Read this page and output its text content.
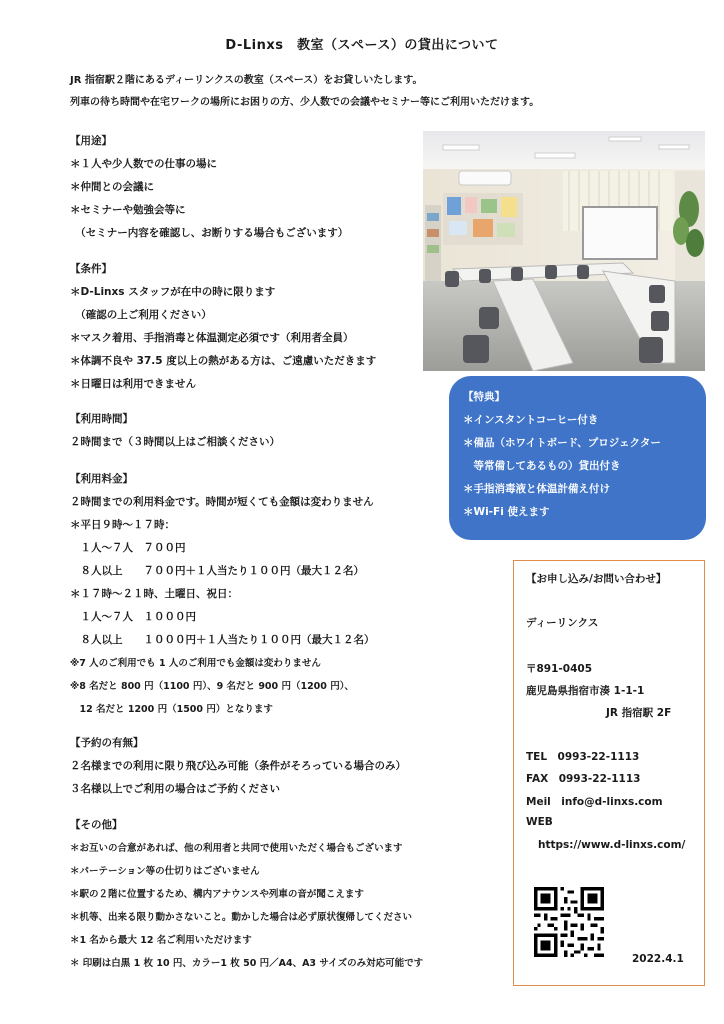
D-Linxs　教室（スペース）の貸出について
JR 指宿駅２階にあるディーリンクスの教室（スペース）をお貸しいたします。
列車の待ち時間や在宅ワークの場所にお困りの方、少人数での会議やセミナー等にご利用いただけます。
【用途】
＊１人や少人数での仕事の場に
＊仲間との会議に
＊セミナーや勉強会等に
　（セミナー内容を確認し、お断りする場合もございます）
【条件】
＊D-Linxs スタッフが在中の時に限ります
　（確認の上ご利用ください）
＊マスク着用、手指消毒と体温測定必須です（利用者全員）
＊体調不良や 37.5 度以上の熱がある方は、ご遠慮いただきます
＊日曜日は利用できません
【利用時間】
２時間まで（３時間以上はご相談ください）
【利用料金】
２時間までの利用料金です。時間が短くても金額は変わりません
＊平日９時～１７時：
　１人～７人　７００円
　８人以上　　７００円＋１人当たり１００円（最大１２名）
＊１７時～２１時、土曜日、祝日：
　１人～７人　１０００円
　８人以上　　１０００円＋１人当たり１００円（最大１２名）
※7 人のご利用でも 1 人のご利用でも金額は変わりません
※8 名だと 800 円（1100 円）、9 名だと 900 円（1200 円）、
　12 名だと 1200 円（1500 円）となります
【予約の有無】
２名様までの利用に限り飛び込み可能（条件がそろっている場合のみ）
３名様以上でご利用の場合はご予約ください
【その他】
＊お互いの合意があれば、他の利用者と共同で使用いただく場合もございます
＊パーテーション等の仕切りはございません
＊駅の２階に位置するため、構内アナウンスや列車の音が聞こえます
＊机等、出来る限り動かさないこと。動かした場合は必ず原状復帰してください
＊1 名から最大 12 名ご利用いただけます
＊ 印刷は白黒 1 枚 10 円、カラー1 枚 50 円／A4、A3 サイズのみ対応可能です
【特典】
＊インスタントコーヒー付き
＊備品（ホワイトボード、プロジェクター
　等常備してあるもの）貸出付き
＊手指消毒液と体温計備え付け
＊Wi-Fi 使えます
【お申し込み/お問い合わせ】
ディーリンクス
〒891-0405
鹿児島県指宿市湊 1-1-1
JR 指宿駅 2F
TEL　0993-22-1113
FAX　0993-22-1113
Meil　info@d-linxs.com
WEB
https://www.d-linxs.com/
2022.4.1
